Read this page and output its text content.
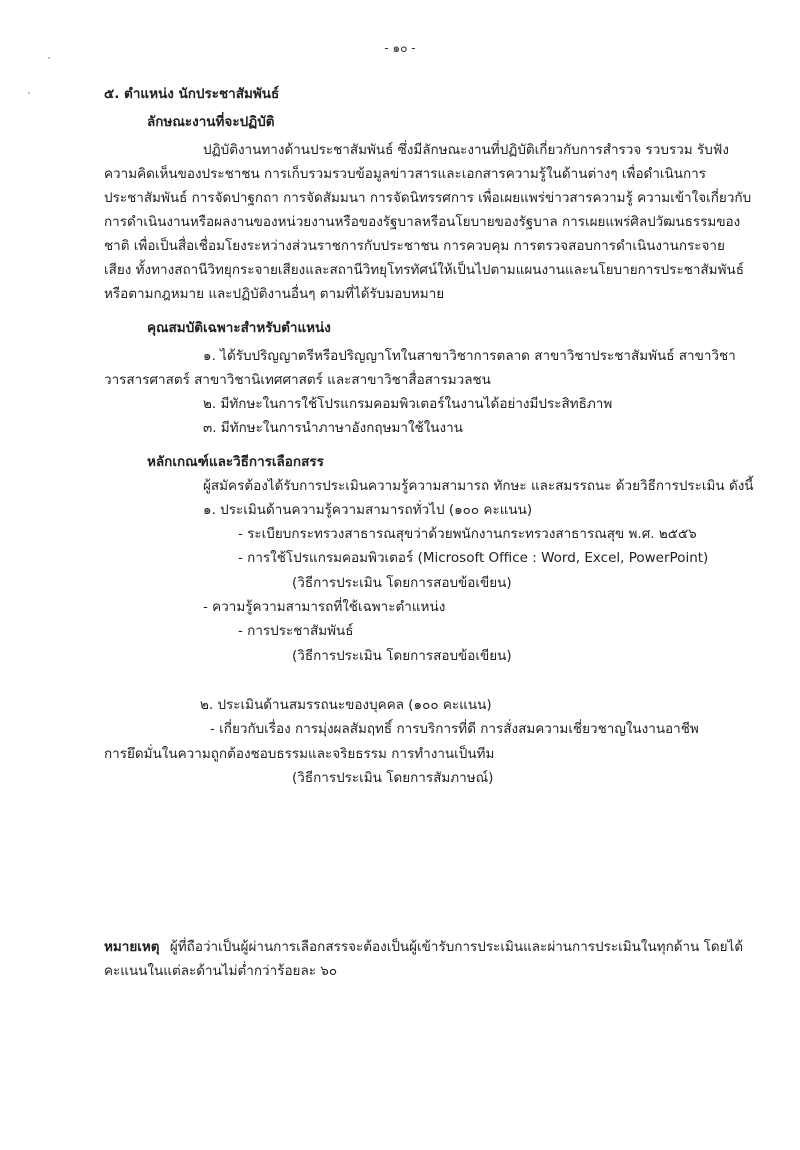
- ๑๐ -
๕. ตำแหน่ง นักประชาสัมพันธ์
ลักษณะงานที่จะปฏิบัติ
ปฏิบัติงานทางด้านประชาสัมพันธ์ ซึ่งมีลักษณะงานที่ปฏิบัติเกี่ยวกับการสำรวจ รวบรวม รับฟัง
ความคิดเห็นของประชาชน การเก็บรวมรวบข้อมูลข่าวสารและเอกสารความรู้ในด้านต่างๆ เพื่อดำเนินการ
ประชาสัมพันธ์ การจัดปาฐกถา การจัดสัมมนา การจัดนิทรรศการ เพื่อเผยแพร่ข่าวสารความรู้ ความเข้าใจเกี่ยวกับ
การดำเนินงานหรือผลงานของหน่วยงานหรือของรัฐบาลหรือนโยบายของรัฐบาล การเผยแพร่ศิลปวัฒนธรรมของ
ชาติ เพื่อเป็นสื่อเชื่อมโยงระหว่างส่วนราชการกับประชาชน การควบคุม การตรวจสอบการดำเนินงานกระจาย
เสียง ทั้งทางสถานีวิทยุกระจายเสียงและสถานีวิทยุโทรทัศน์ให้เป็นไปตามแผนงานและนโยบายการประชาสัมพันธ์
หรือตามกฎหมาย และปฏิบัติงานอื่นๆ ตามที่ได้รับมอบหมาย
คุณสมบัติเฉพาะสำหรับตำแหน่ง
๑. ได้รับปริญญาตรีหรือปริญญาโทในสาขาวิชาการตลาด สาขาวิชาประชาสัมพันธ์ สาขาวิชา
วารสารศาสตร์ สาขาวิชานิเทศศาสตร์ และสาขาวิชาสื่อสารมวลชน
๒. มีทักษะในการใช้โปรแกรมคอมพิวเตอร์ในงานได้อย่างมีประสิทธิภาพ
๓. มีทักษะในการนำภาษาอังกฤษมาใช้ในงาน
หลักเกณฑ์และวิธีการเลือกสรร
ผู้สมัครต้องได้รับการประเมินความรู้ความสามารถ ทักษะ และสมรรถนะ ด้วยวิธีการประเมิน ดังนี้
๑. ประเมินด้านความรู้ความสามารถทั่วไป (๑๐๐ คะแนน)
- ระเบียบกระทรวงสาธารณสุขว่าด้วยพนักงานกระทรวงสาธารณสุข พ.ศ. ๒๕๕๖
- การใช้โปรแกรมคอมพิวเตอร์ (Microsoft Office : Word, Excel, PowerPoint)
(วิธีการประเมิน โดยการสอบข้อเขียน)
- ความรู้ความสามารถที่ใช้เฉพาะตำแหน่ง
- การประชาสัมพันธ์
(วิธีการประเมิน โดยการสอบข้อเขียน)
๒. ประเมินด้านสมรรถนะของบุคคล (๑๐๐ คะแนน)
- เกี่ยวกับเรื่อง การมุ่งผลสัมฤทธิ์ การบริการที่ดี การสั่งสมความเชี่ยวชาญในงานอาชีพ
การยึดมั่นในความถูกต้องชอบธรรมและจริยธรรม การทำงานเป็นทีม
(วิธีการประเมิน โดยการสัมภาษณ์)
หมายเหตุ ผู้ที่ถือว่าเป็นผู้ผ่านการเลือกสรรจะต้องเป็นผู้เข้ารับการประเมินและผ่านการประเมินในทุกด้าน โดยได้
คะแนนในแต่ละด้านไม่ต่ำกว่าร้อยละ ๖๐
